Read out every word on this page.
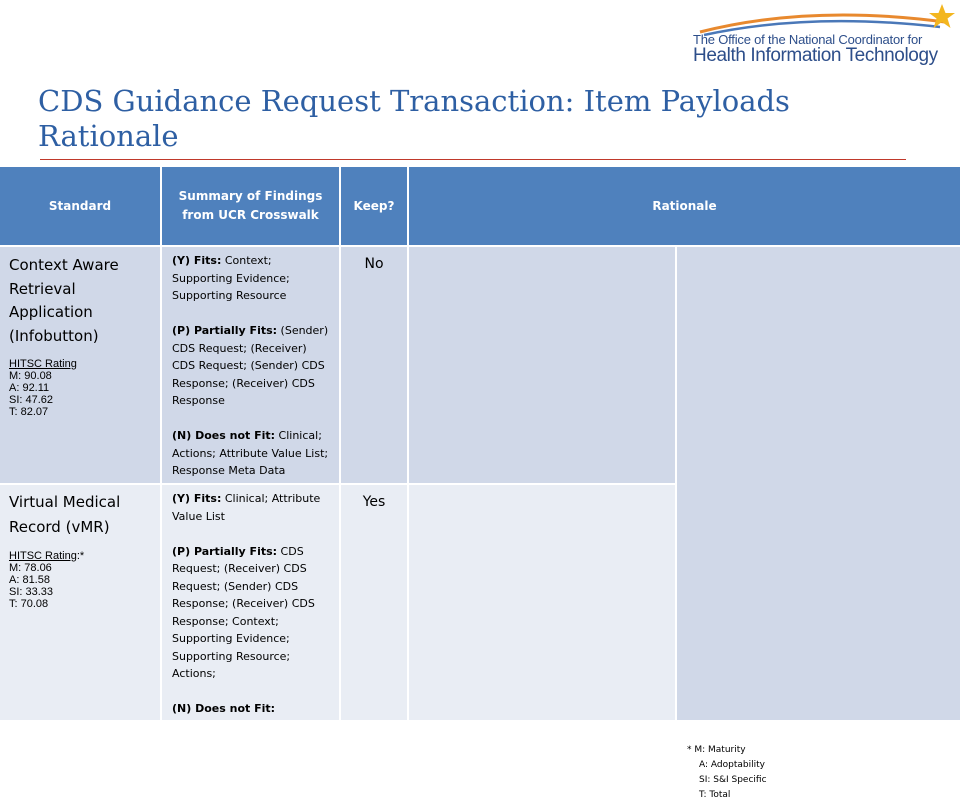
The Office of the National Coordinator for
Health Information Technology
CDS Guidance Request Transaction: Item Payloads Rationale
Standard
Summary of Findings from UCR Crosswalk
Keep?	Rationale
Context Aware Retrieval Application (Infobutton)
HITSC Rating
M: 90.08
A: 92.11
SI: 47.62
T: 82.07

(Y) Fits: Context; Supporting Evidence; Supporting Resource

(P) Partially Fits: (Sender) CDS Request; (Receiver) CDS Request; (Sender) CDS Response; (Receiver) CDS Response

(N) Does not Fit: Clinical; Actions; Attribute Value List; Response Meta Data

No
Virtual Medical Record (vMR)
HITSC Rating:*
M: 78.06
A: 81.58
SI: 33.33
T: 70.08

(Y) Fits: Clinical; Attribute Value List

(P) Partially Fits: CDS Request; (Receiver) CDS Request; (Sender) CDS Response; (Receiver) CDS Response; Context; Supporting Evidence; Supporting Resource; Actions;

(N) Does not Fit:

Yes
* M: Maturity
A: Adoptability
SI: S&I Specific
T: Total
